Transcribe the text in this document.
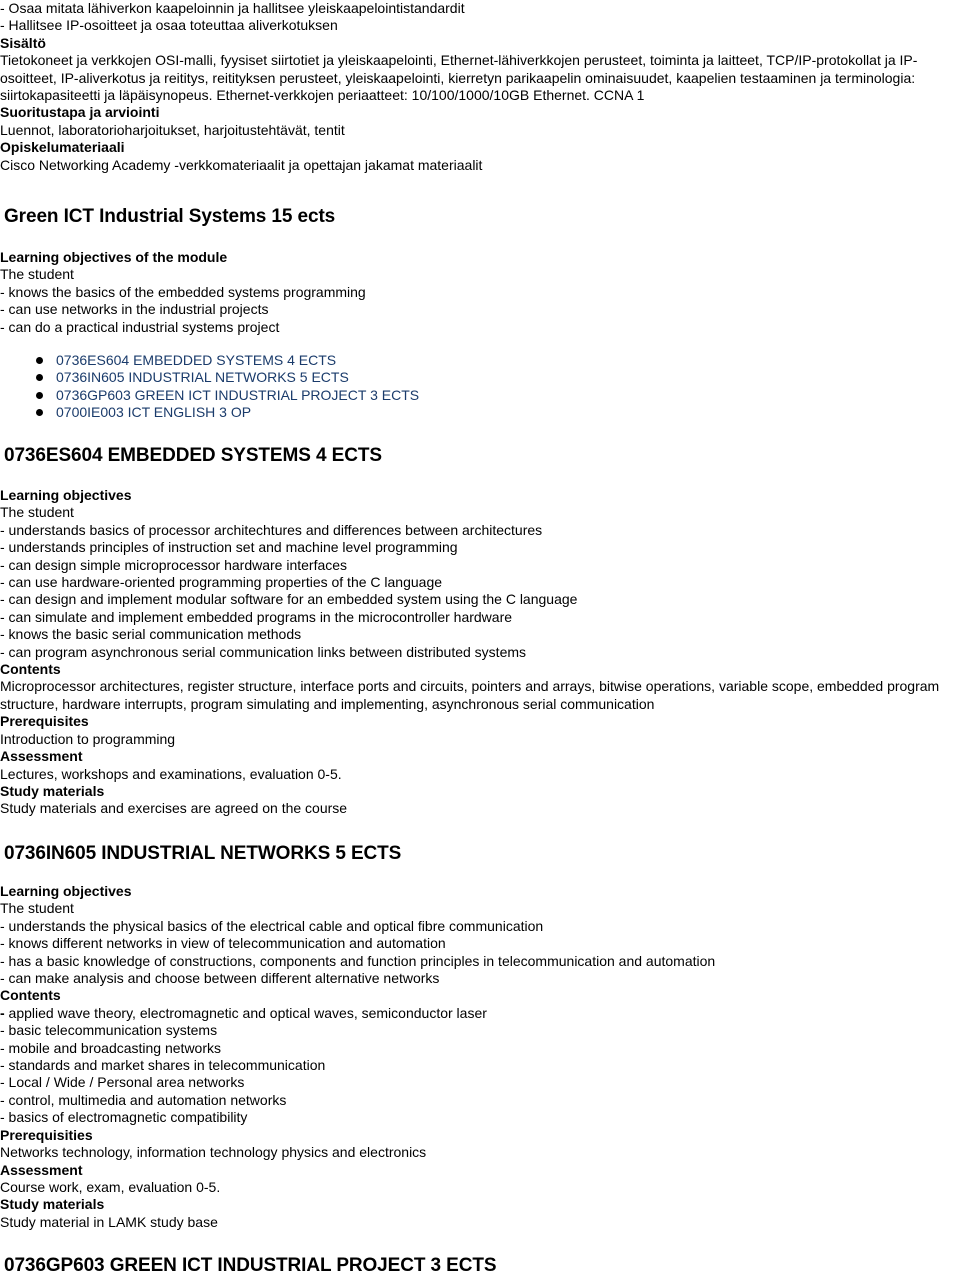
- Osaa mitata lähiverkon kaapeloinnin ja hallitsee yleiskaapelointistandardit
- Hallitsee IP-osoitteet ja osaa toteuttaa aliverkotuksen
Sisältö
Tietokoneet ja verkkojen OSI-malli, fyysiset siirtotiet ja yleiskaapelointi, Ethernet-lähiverkkojen perusteet, toiminta ja laitteet, TCP/IP-protokollat ja IP-osoitteet, IP-aliverkotus ja reititys, reitityksen perusteet, yleiskaapelointi, kierretyn parikaapelin ominaisuudet, kaapelien testaaminen ja terminologia: siirtokapasiteetti ja läpäisynopeus. Ethernet-verkkojen periaatteet: 10/100/1000/10GB Ethernet. CCNA 1
Suoritustapa ja arviointi
Luennot, laboratorioharjoitukset, harjoitustehtävät, tentit
Opiskelumateriaali
Cisco Networking Academy -verkkomateriaalit ja opettajan jakamat materiaalit
Green ICT Industrial Systems 15 ects
Learning objectives of the module
The student
- knows the basics of the embedded systems programming
- can use networks in the industrial projects
- can do a practical industrial systems project
0736ES604 EMBEDDED SYSTEMS 4 ECTS
0736IN605 INDUSTRIAL NETWORKS 5 ECTS
0736GP603 GREEN ICT INDUSTRIAL PROJECT 3 ECTS
0700IE003 ICT ENGLISH 3 OP
0736ES604 EMBEDDED SYSTEMS 4 ECTS
Learning objectives
The student
- understands basics of processor architechtures and differences between architectures
- understands principles of instruction set and machine level programming
- can design simple microprocessor hardware interfaces
- can use hardware-oriented programming properties of the C language
- can design and implement modular software for an embedded system using the C language
- can simulate and implement embedded programs in the microcontroller hardware
- knows the basic serial communication methods
- can program asynchronous serial communication links between distributed systems
Contents
Microprocessor architectures, register structure, interface ports and circuits, pointers and arrays, bitwise operations, variable scope, embedded program structure, hardware interrupts, program simulating and implementing, asynchronous serial communication
Prerequisites
Introduction to programming
Assessment
Lectures, workshops and examinations, evaluation 0-5.
Study materials
Study materials and exercises are agreed on the course
0736IN605 INDUSTRIAL NETWORKS 5 ECTS
Learning objectives
The student
- understands the physical basics of the electrical cable and optical fibre communication
- knows different networks in view of telecommunication and automation
- has a basic knowledge of constructions, components and function principles in telecommunication and automation
- can make analysis and choose between different alternative networks
Contents
- applied wave theory, electromagnetic and optical waves, semiconductor laser
- basic telecommunication systems
- mobile and broadcasting networks
- standards and market shares in telecommunication
- Local / Wide / Personal area networks
- control, multimedia and automation networks
- basics of electromagnetic compatibility
Prerequisities
Networks technology, information technology physics and electronics
Assessment
Course work, exam, evaluation 0-5.
Study materials
Study material in LAMK study base
0736GP603 GREEN ICT INDUSTRIAL PROJECT 3 ECTS
